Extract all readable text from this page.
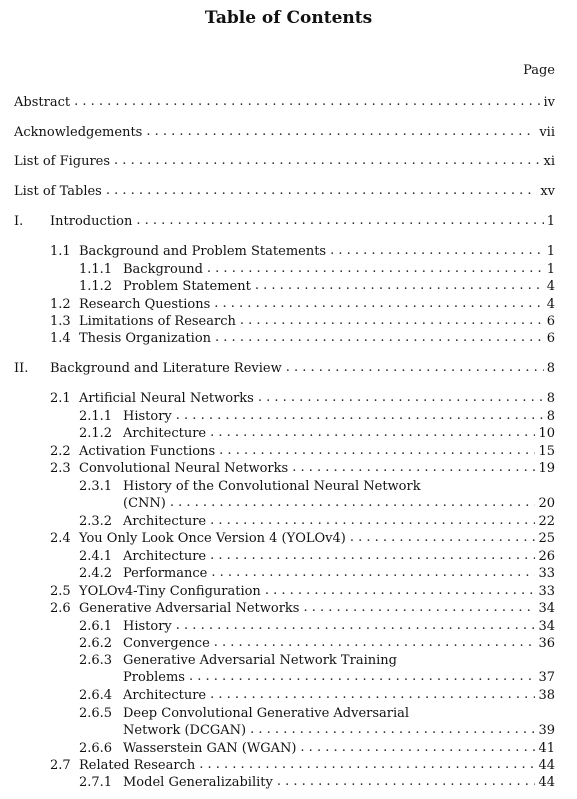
Table of Contents
Page
Abstract . . .	iv
Acknowledgements . . .	vii
List of Figures . . .	xi
List of Tables . . .	xv
I. Introduction . . .	1
1.1 Background and Problem Statements . . .	1
1.1.1 Background . . .	1
1.1.2 Problem Statement . . .	4
1.2 Research Questions . . .	4
1.3 Limitations of Research . . .	6
1.4 Thesis Organization . . .	6
II. Background and Literature Review . . .	8
2.1 Artificial Neural Networks . . .	8
2.1.1 History . . .	8
2.1.2 Architecture . . .	10
2.2 Activation Functions . . .	15
2.3 Convolutional Neural Networks . . .	19
2.3.1 History of the Convolutional Neural Network
(CNN) . . .	20
2.3.2 Architecture . . .	22
2.4 You Only Look Once Version 4 (YOLOv4) . . .	25
2.4.1 Architecture . . .	26
2.4.2 Performance . . .	33
2.5 YOLOv4-Tiny Configuration . . .	33
2.6 Generative Adversarial Networks . . .	34
2.6.1 History . . .	34
2.6.2 Convergence . . .	36
2.6.3 Generative Adversarial Network Training
Problems . . .	37
2.6.4 Architecture . . .	38
2.6.5 Deep Convolutional Generative Adversarial
Network (DCGAN) . . .	39
2.6.6 Wasserstein GAN (WGAN) . . .	41
2.7 Related Research . . .	44
2.7.1 Model Generalizability . . .	44
